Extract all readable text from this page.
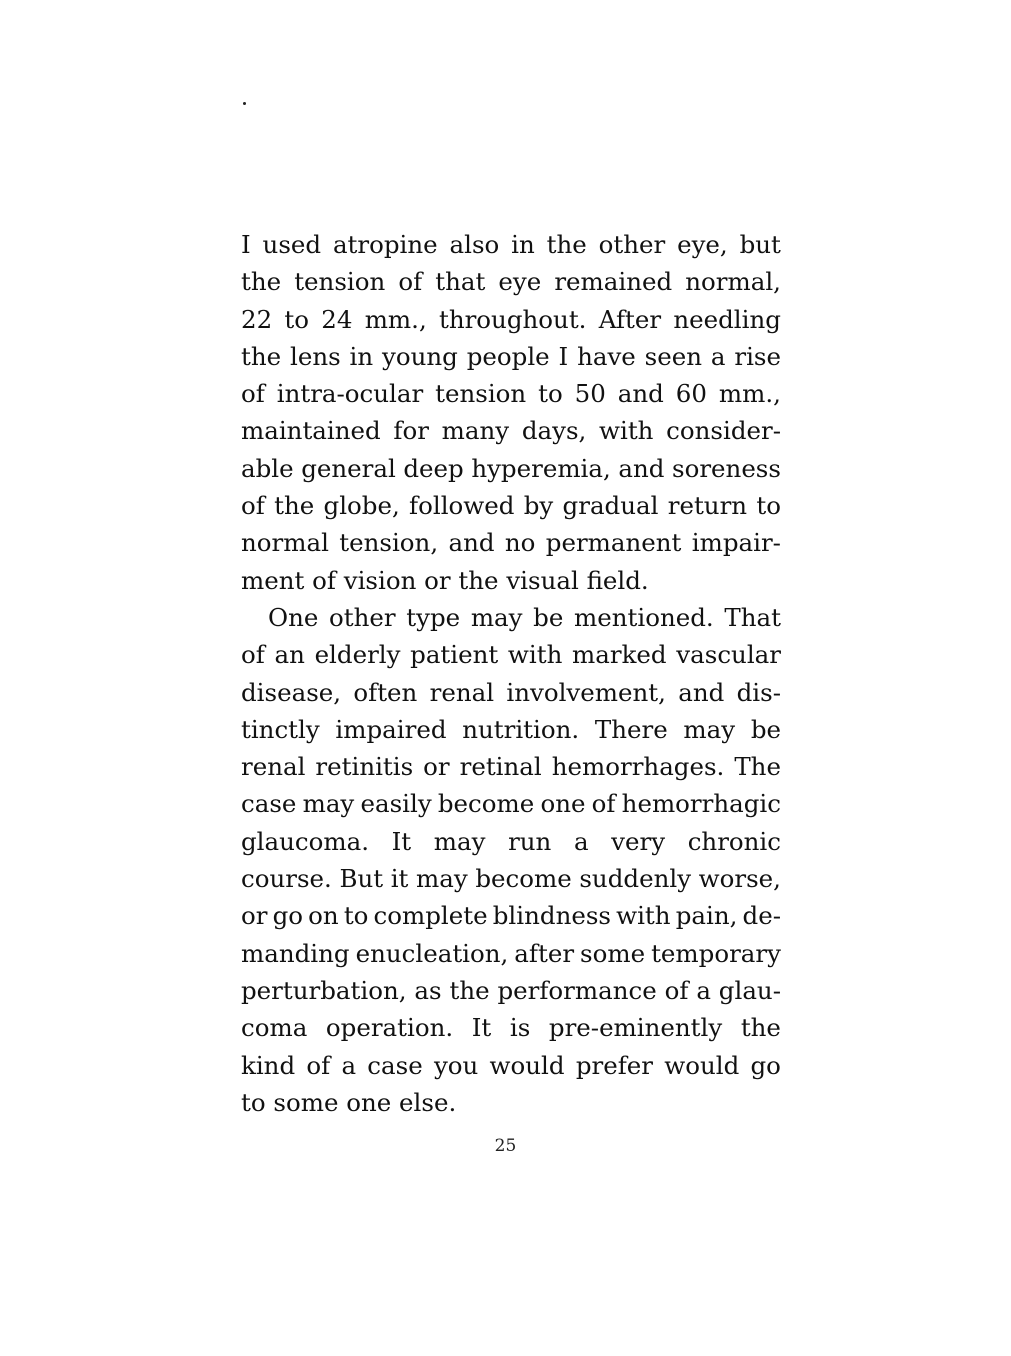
I used atropine also in the other eye, but
the tension of that eye remained normal,
22 to 24 mm., throughout. After needling
the lens in young people I have seen a rise
of intra-ocular tension to 50 and 60 mm.,
maintained for many days, with consider-
able general deep hyperemia, and soreness
of the globe, followed by gradual return to
normal tension, and no permanent impair-
ment of vision or the visual field.
One other type may be mentioned. That
of an elderly patient with marked vascular
disease, often renal involvement, and dis-
tinctly impaired nutrition. There may be
renal retinitis or retinal hemorrhages. The
case may easily become one of hemorrhagic
glaucoma. It may run a very chronic
course. But it may become suddenly worse,
or go on to complete blindness with pain, de-
manding enucleation, after some temporary
perturbation, as the performance of a glau-
coma operation. It is pre-eminently the
kind of a case you would prefer would go
to some one else.
25
